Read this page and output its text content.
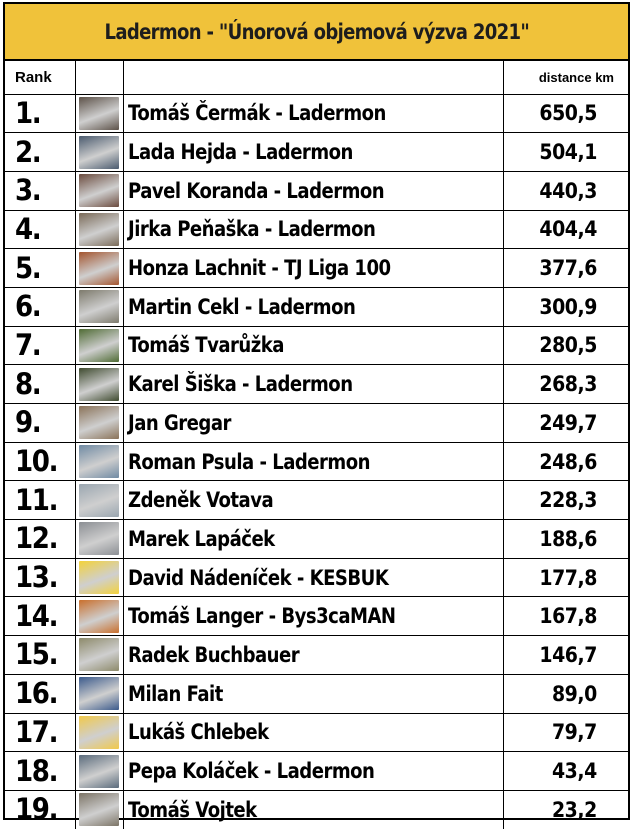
Ladermon - "Únorová objemová výzva 2021"
Rank			distance km
1.		Tomáš Čermák - Ladermon	650,5
2.		Lada Hejda - Ladermon	504,1
3.		Pavel Koranda - Ladermon	440,3
4.		Jirka Peňaška - Ladermon	404,4
5.		Honza Lachnit - TJ Liga 100	377,6
6.		Martin Cekl - Ladermon	300,9
7.		Tomáš Tvarůžka	280,5
8.		Karel Šiška - Ladermon	268,3
9.		Jan Gregar	249,7
10.		Roman Psula - Ladermon	248,6
11.		Zdeněk Votava	228,3
12.		Marek Lapáček	188,6
13.		David Nádeníček - KESBUK	177,8
14.		Tomáš Langer - Bys3caMAN	167,8
15.		Radek Buchbauer	146,7
16.		Milan Fait	89,0
17.		Lukáš Chlebek	79,7
18.		Pepa Koláček - Ladermon	43,4
19.		Tomáš Vojtek	23,2
